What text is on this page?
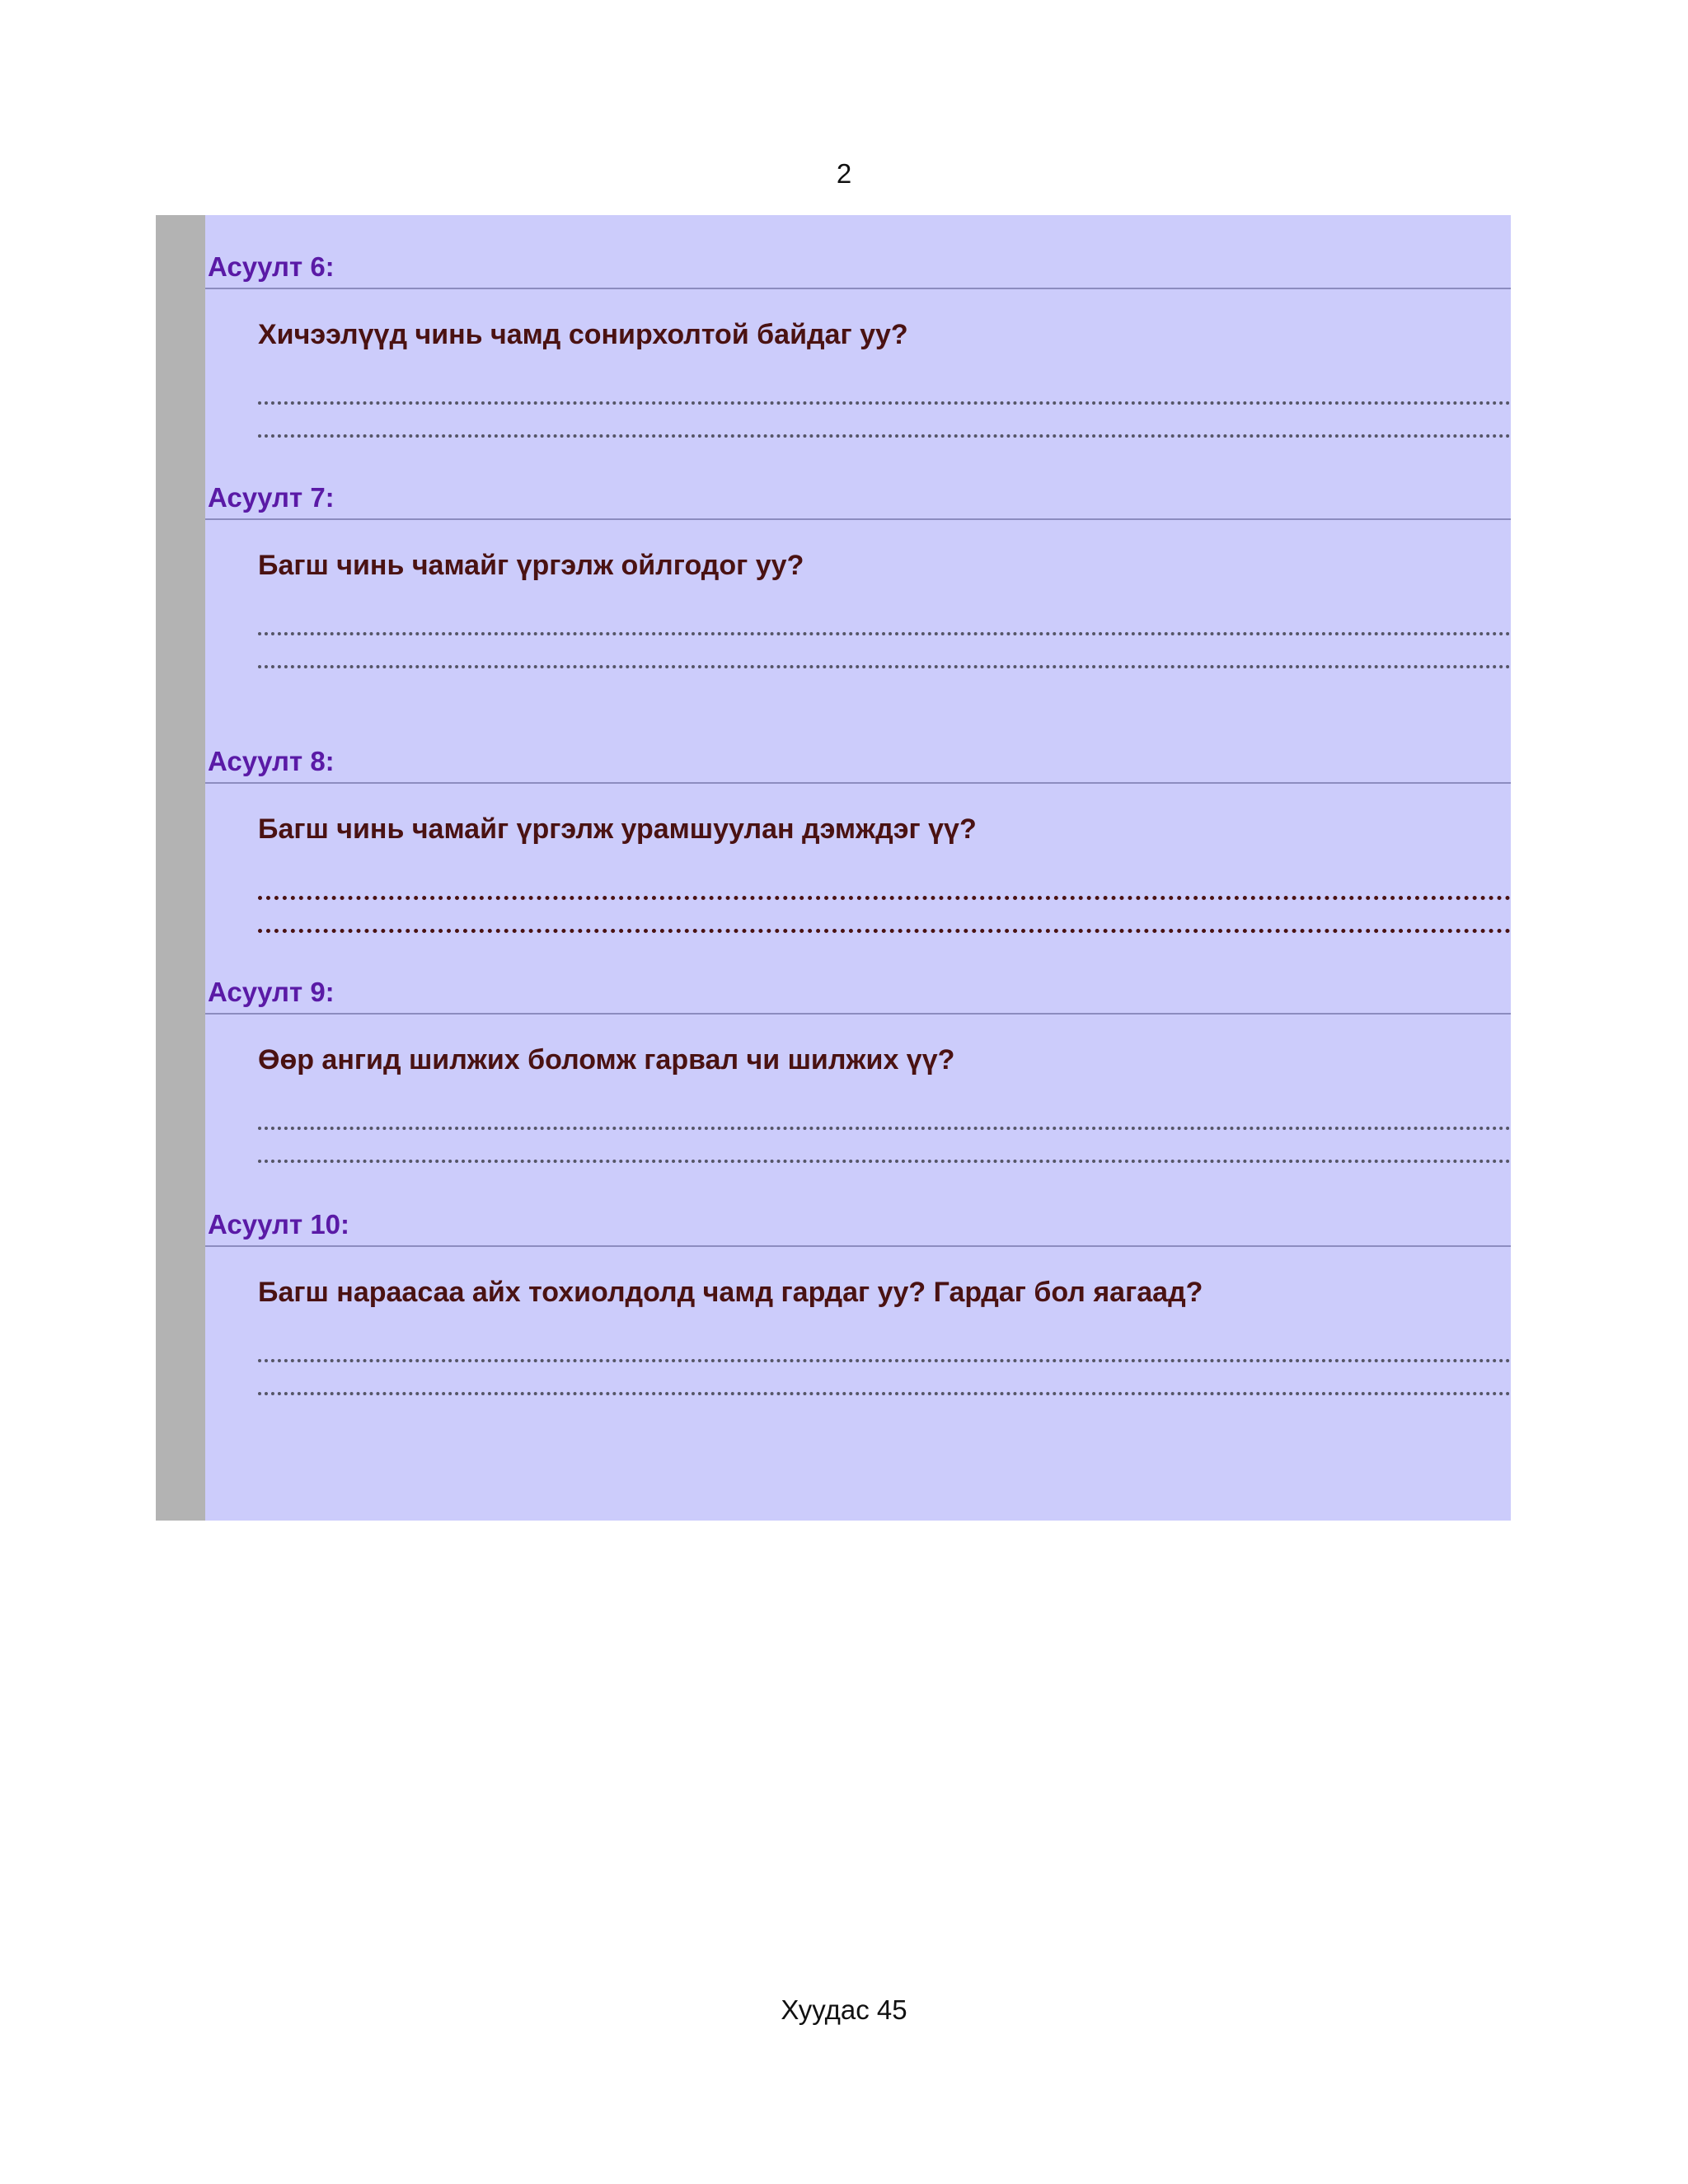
2
Асуулт 6:
Хичээлүүд чинь чамд сонирхолтой байдаг уу?
Асуулт 7:
Багш чинь чамайг үргэлж ойлгодог уу?
Асуулт 8:
Багш чинь чамайг үргэлж урамшуулан дэмждэг үү?
Асуулт 9:
Өөр ангид шилжих боломж гарвал чи шилжих үү?
Асуулт 10:
Багш нараасаа айх тохиолдолд чамд гардаг уу? Гардаг бол яагаад?
Хуудас 45
